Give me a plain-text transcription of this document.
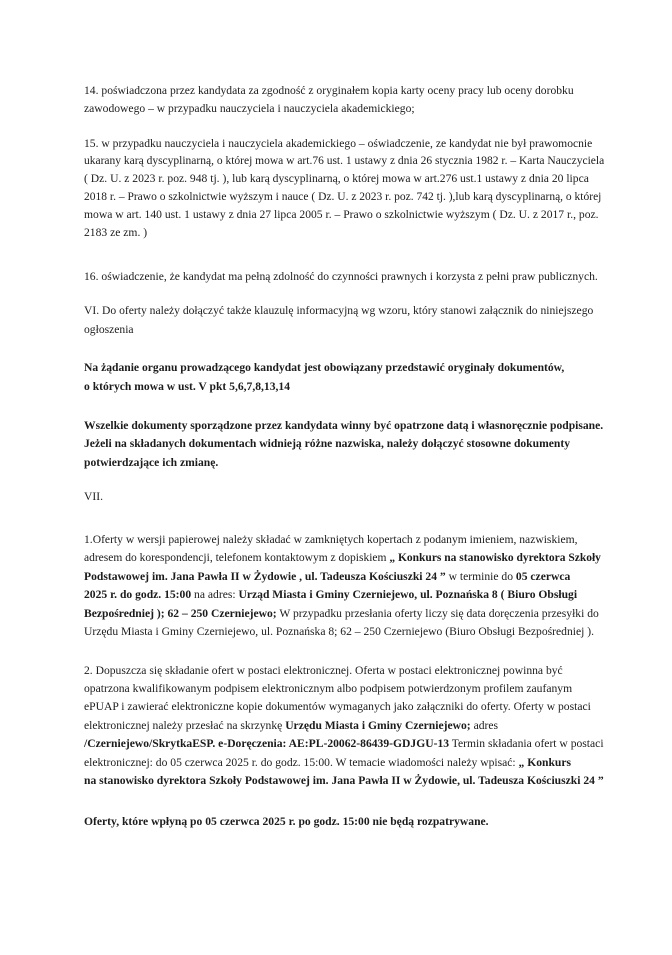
14. poświadczona przez kandydata za zgodność z oryginałem kopia karty oceny pracy lub oceny dorobku
zawodowego – w przypadku nauczyciela i nauczyciela akademickiego;
15. w przypadku nauczyciela i nauczyciela akademickiego – oświadczenie, ze kandydat nie był prawomocnie
ukarany karą dyscyplinarną, o której mowa w art.76 ust. 1 ustawy z dnia 26 stycznia 1982 r. – Karta Nauczyciela
( Dz. U. z 2023 r. poz. 948 tj. ), lub karą dyscyplinarną, o której mowa w art.276 ust.1 ustawy z dnia 20 lipca
2018 r. – Prawo o szkolnictwie wyższym i nauce ( Dz. U. z 2023 r. poz. 742 tj. ),lub karą dyscyplinarną, o której
mowa w art. 140 ust. 1 ustawy z dnia 27 lipca 2005 r. – Prawo o szkolnictwie wyższym ( Dz. U. z 2017 r., poz.
2183 ze zm. )
16. oświadczenie, że kandydat ma pełną zdolność do czynności prawnych i korzysta z pełni praw publicznych.
VI. Do oferty należy dołączyć także klauzulę informacyjną wg wzoru, który stanowi załącznik do niniejszego
ogłoszenia
Na żądanie organu prowadzącego kandydat jest obowiązany przedstawić oryginały dokumentów,
o których mowa w ust. V pkt 5,6,7,8,13,14
Wszelkie dokumenty sporządzone przez kandydata winny być opatrzone datą i własnoręcznie podpisane.
Jeżeli na składanych dokumentach widnieją różne nazwiska, należy dołączyć stosowne dokumenty
potwierdzające ich zmianę.
VII.
1.Oferty w wersji papierowej należy składać w zamkniętych kopertach z podanym imieniem, nazwiskiem,
adresem do korespondencji, telefonem kontaktowym z dopiskiem „ Konkurs na stanowisko dyrektora Szkoły
Podstawowej im. Jana Pawła II w Żydowie , ul. Tadeusza Kościuszki 24 ” w terminie do 05 czerwca
2025 r. do godz. 15:00 na adres: Urząd Miasta i Gminy Czerniejewo, ul. Poznańska 8 ( Biuro Obsługi
Bezpośredniej ); 62 – 250 Czerniejewo; W przypadku przesłania oferty liczy się data doręczenia przesyłki do
Urzędu Miasta i Gminy Czerniejewo, ul. Poznańska 8; 62 – 250 Czerniejewo (Biuro Obsługi Bezpośredniej ).
2. Dopuszcza się składanie ofert w postaci elektronicznej. Oferta w postaci elektronicznej powinna być
opatrzona kwalifikowanym podpisem elektronicznym albo podpisem potwierdzonym profilem zaufanym
ePUAP i zawierać elektroniczne kopie dokumentów wymaganych jako załączniki do oferty. Oferty w postaci
elektronicznej należy przesłać na skrzynkę Urzędu Miasta i Gminy Czerniejewo; adres
/Czerniejewo/SkrytkaESP. e-Doręczenia: AE:PL-20062-86439-GDJGU-13 Termin składania ofert w postaci
elektronicznej: do 05 czerwca 2025 r. do godz. 15:00. W temacie wiadomości należy wpisać: „ Konkurs
na stanowisko dyrektora Szkoły Podstawowej im. Jana Pawła II w Żydowie, ul. Tadeusza Kościuszki 24 ”
Oferty, które wpłyną po 05 czerwca 2025 r. po godz. 15:00 nie będą rozpatrywane.
